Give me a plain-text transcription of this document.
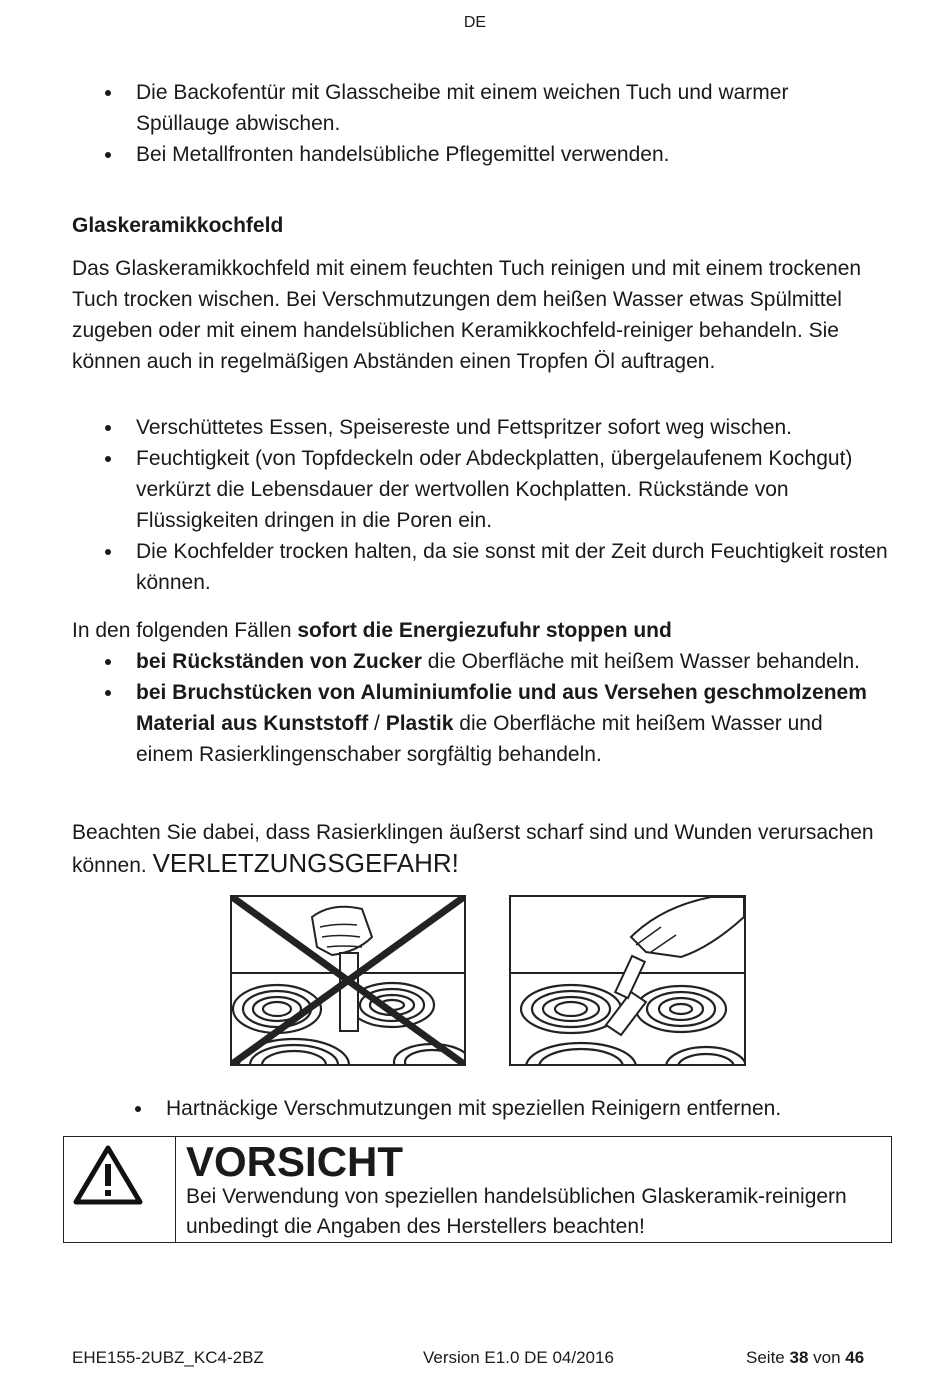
DE
Die Backofentür mit Glasscheibe mit einem weichen Tuch und warmer Spüllauge abwischen.
Bei Metallfronten handelsübliche Pflegemittel verwenden.
Glaskeramikkochfeld
Das Glaskeramikkochfeld mit einem feuchten Tuch reinigen und mit einem trockenen Tuch trocken wischen. Bei Verschmutzungen dem heißen Wasser etwas Spülmittel zugeben oder mit einem handelsüblichen Keramikkochfeld-reiniger behandeln. Sie können auch in regelmäßigen Abständen einen Tropfen Öl auftragen.
Verschüttetes Essen, Speisereste und Fettspritzer sofort weg wischen.
Feuchtigkeit (von Topfdeckeln oder Abdeckplatten, übergelaufenem Kochgut) verkürzt die Lebensdauer der wertvollen Kochplatten. Rückstände von Flüssigkeiten dringen in die Poren ein.
Die Kochfelder trocken halten, da sie sonst mit der Zeit durch Feuchtigkeit rosten können.
In den folgenden Fällen sofort die Energiezufuhr stoppen und
bei Rückständen von Zucker die Oberfläche mit heißem Wasser behandeln.
bei Bruchstücken von Aluminiumfolie und aus Versehen geschmolzenem Material aus Kunststoff / Plastik die Oberfläche mit heißem Wasser und einem Rasierklingenschaber sorgfältig behandeln.
Beachten Sie dabei, dass Rasierklingen äußerst scharf sind und Wunden verursachen können. VERLETZUNGSGEFAHR!
Hartnäckige Verschmutzungen mit speziellen Reinigern entfernen.
VORSICHT
Bei Verwendung von speziellen handelsüblichen Glaskeramik-reinigern unbedingt die Angaben des Herstellers beachten!
EHE155-2UBZ_KC4-2BZ	Version E1.0 DE 04/2016	Seite 38 von 46
